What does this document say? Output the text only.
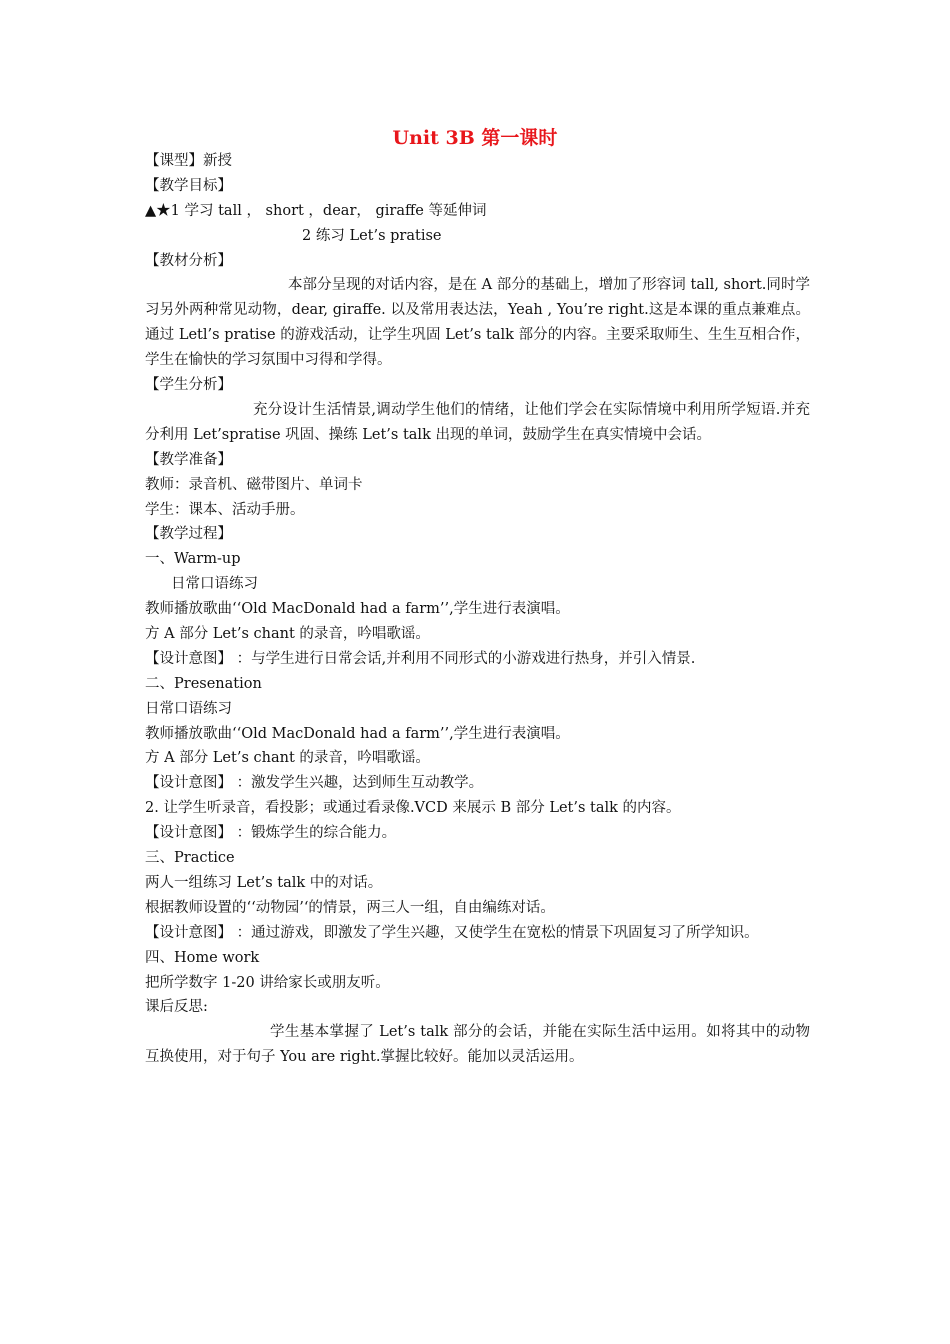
Unit 3B 第一课时
【课型】新授
【教学目标】
▲★1 学习 tall ， short ，dear， giraffe 等延伸词
2 练习 Let’s pratise
【教材分析】
本部分呈现的对话内容，是在 A 部分的基础上，增加了形容词 tall, short.同时学习另外两种常见动物，dear, giraffe. 以及常用表达法，Yeah , You’re right.这是本课的重点兼难点。通过 Letl’s pratise 的游戏活动，让学生巩固 Let’s talk 部分的内容。主要采取师生、生生互相合作，学生在愉快的学习氛围中习得和学得。
【学生分析】
充分设计生活情景,调动学生他们的情绪，让他们学会在实际情境中利用所学短语.并充分利用 Let’spratise 巩固、操练 Let’s talk 出现的单词，鼓励学生在真实情境中会话。
【教学准备】
教师：录音机、磁带图片、单词卡
学生：课本、活动手册。
【教学过程】
一、Warm-up
日常口语练习
教师播放歌曲‘‘Old MacDonald had a farm’’,学生进行表演唱。
方 A 部分 Let’s chant 的录音，吟唱歌谣。
【设计意图】 ：与学生进行日常会话,并利用不同形式的小游戏进行热身，并引入情景.
二、Presenation
日常口语练习
教师播放歌曲‘‘Old MacDonald had a farm’’,学生进行表演唱。
方 A 部分 Let’s chant 的录音，吟唱歌谣。
【设计意图】 ：激发学生兴趣，达到师生互动教学。
2. 让学生听录音，看投影；或通过看录像.VCD 来展示 B 部分 Let’s talk 的内容。
【设计意图】 ：锻炼学生的综合能力。
三、Practice
两人一组练习 Let’s talk 中的对话。
根据教师设置的‘‘动物园’‘的情景，两三人一组，自由编练对话。
【设计意图】 ：通过游戏，即激发了学生兴趣，又使学生在宽松的情景下巩固复习了所学知识。
四、Home work
把所学数字 1-20 讲给家长或朋友听。
课后反思:
学生基本掌握了 Let’s talk 部分的会话，并能在实际生活中运用。如将其中的动物互换使用，对于句子 You are right.掌握比较好。能加以灵活运用。
